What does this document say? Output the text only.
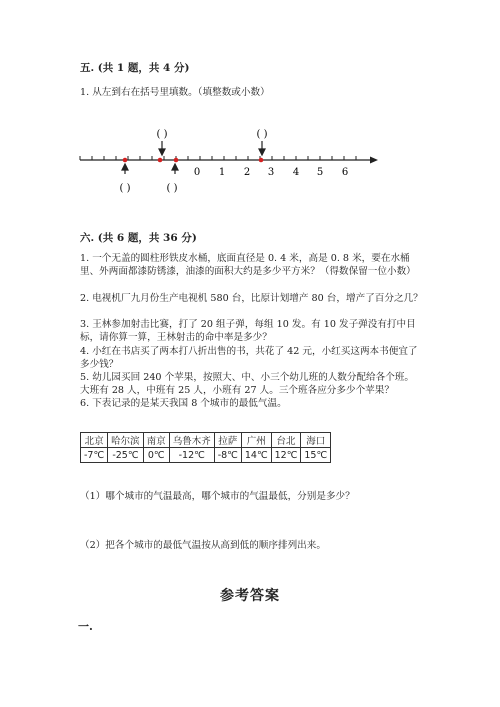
五. (共 1 题，共 4 分)
1. 从左到右在括号里填数。（填整数或小数）
0 1 2 3 4 5 6
( )	( )
( )	( )
六. (共 6 题，共 36 分)
1. 一个无盖的圆柱形铁皮水桶，底面直径是 0. 4 米，高是 0. 8 米，要在水桶里、外两面都漆防锈漆，油漆的面积大约是多少平方米？（得数保留一位小数）
2. 电视机厂九月份生产电视机 580 台，比原计划增产 80 台，增产了百分之几？
3. 王林参加射击比赛，打了 20 组子弹，每组 10 发。有 10 发子弹没有打中目标，请你算一算，王林射击的命中率是多少？
4. 小红在书店买了两本打八折出售的书，共花了 42 元，小红买这两本书便宜了多少钱？
5. 幼儿园买回 240 个苹果，按照大、中、小三个幼儿班的人数分配给各个班。大班有 28 人，中班有 25 人，小班有 27 人。三个班各应分多少个苹果？
6. 下表记录的是某天我国 8 个城市的最低气温。
北京	哈尔滨	南京	乌鲁木齐	拉萨	广州	台北	海口
-7℃	-25℃	0℃	-12℃	-8℃	14℃	12℃	15℃
（1）哪个城市的气温最高，哪个城市的气温最低，分别是多少？
（2）把各个城市的最低气温按从高到低的顺序排列出来。
参考答案
一.
